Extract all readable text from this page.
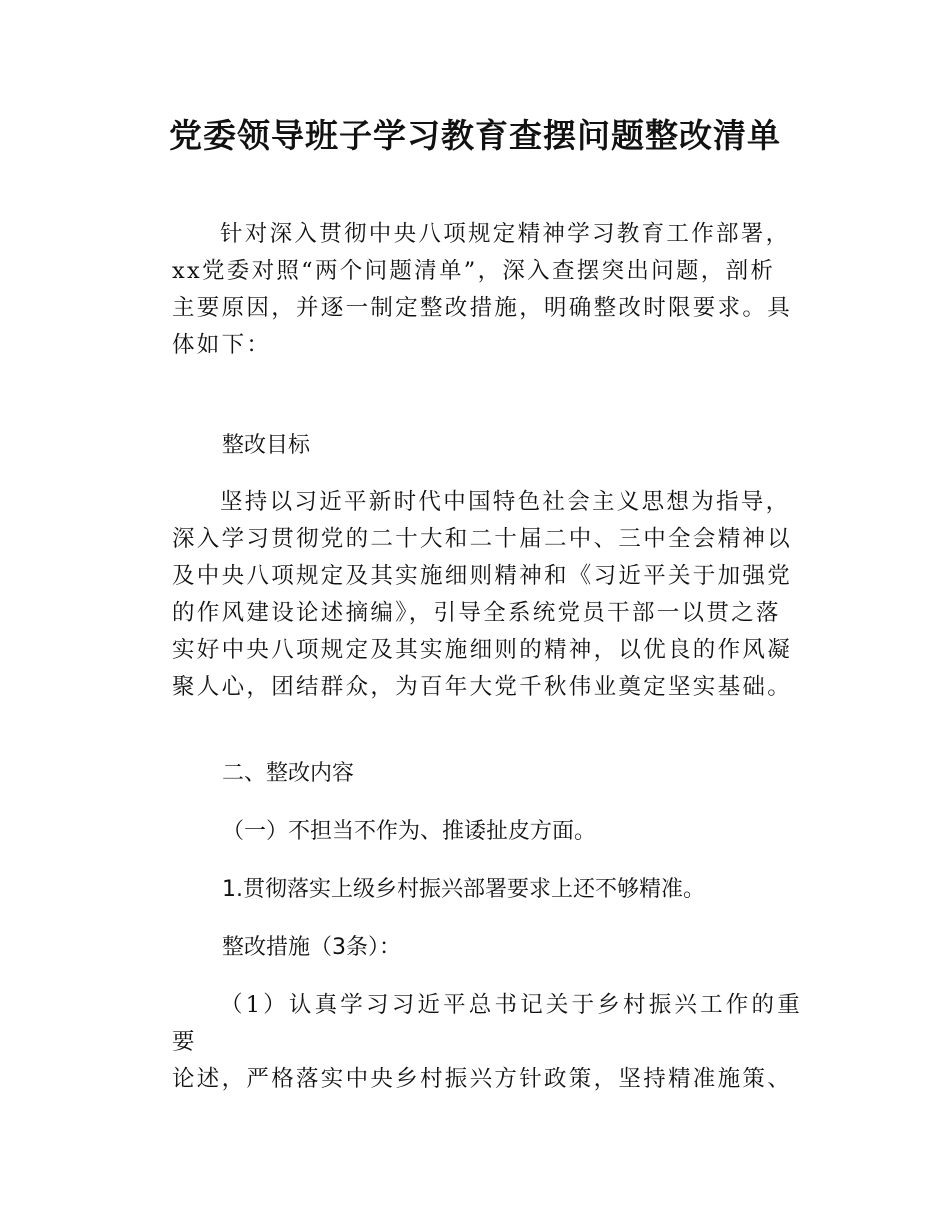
党委领导班子学习教育查摆问题整改清单
针对深入贯彻中央八项规定精神学习教育工作部署，
xx党委对照“两个问题清单”，深入查摆突出问题，剖析
主要原因，并逐一制定整改措施，明确整改时限要求。具
体如下：

整改目标

坚持以习近平新时代中国特色社会主义思想为指导，
深入学习贯彻党的二十大和二十届二中、三中全会精神以
及中央八项规定及其实施细则精神和《习近平关于加强党
的作风建设论述摘编》，引导全系统党员干部一以贯之落
实好中央八项规定及其实施细则的精神，以优良的作风凝
聚人心，团结群众，为百年大党千秋伟业奠定坚实基础。

二、整改内容

（一）不担当不作为、推诿扯皮方面。

1.贯彻落实上级乡村振兴部署要求上还不够精准。

整改措施（3条）：

（1）认真学习习近平总书记关于乡村振兴工作的重要
论述，严格落实中央乡村振兴方针政策，坚持精准施策、
